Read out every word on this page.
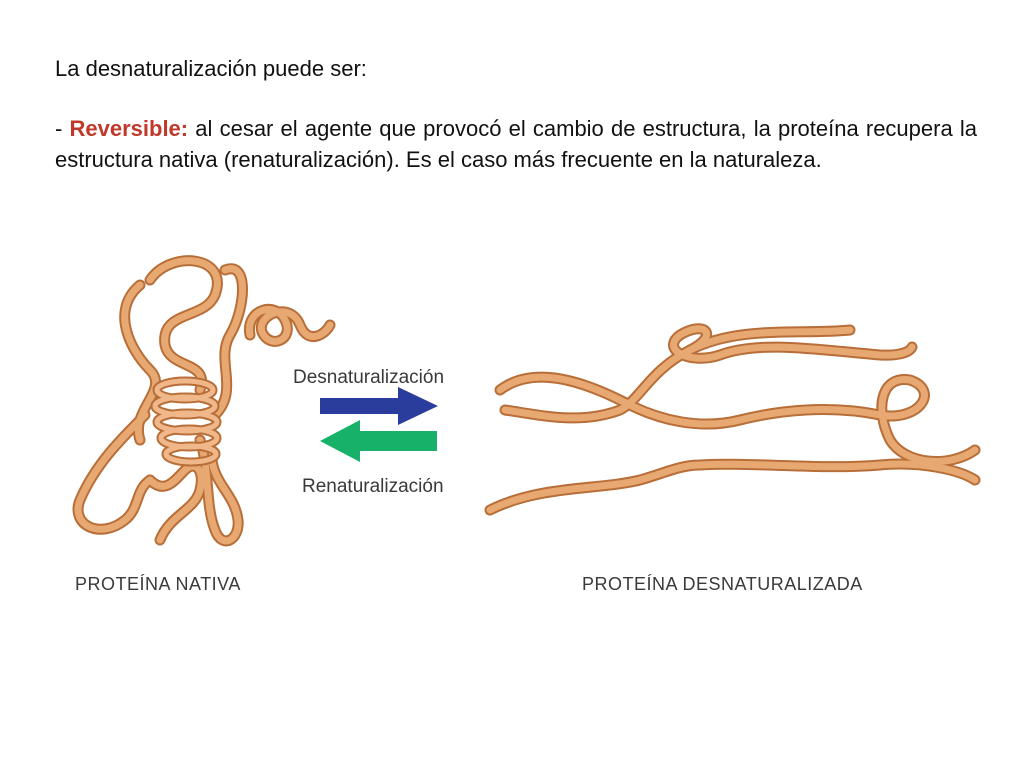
La desnaturalización puede ser:

- Reversible: al cesar el agente que provocó el cambio de estructura, la proteína recupera la estructura nativa (renaturalización). Es el caso más frecuente en la naturaleza.

Desnaturalización
Renaturalización
PROTEÍNA NATIVA	PROTEÍNA DESNATURALIZADA
